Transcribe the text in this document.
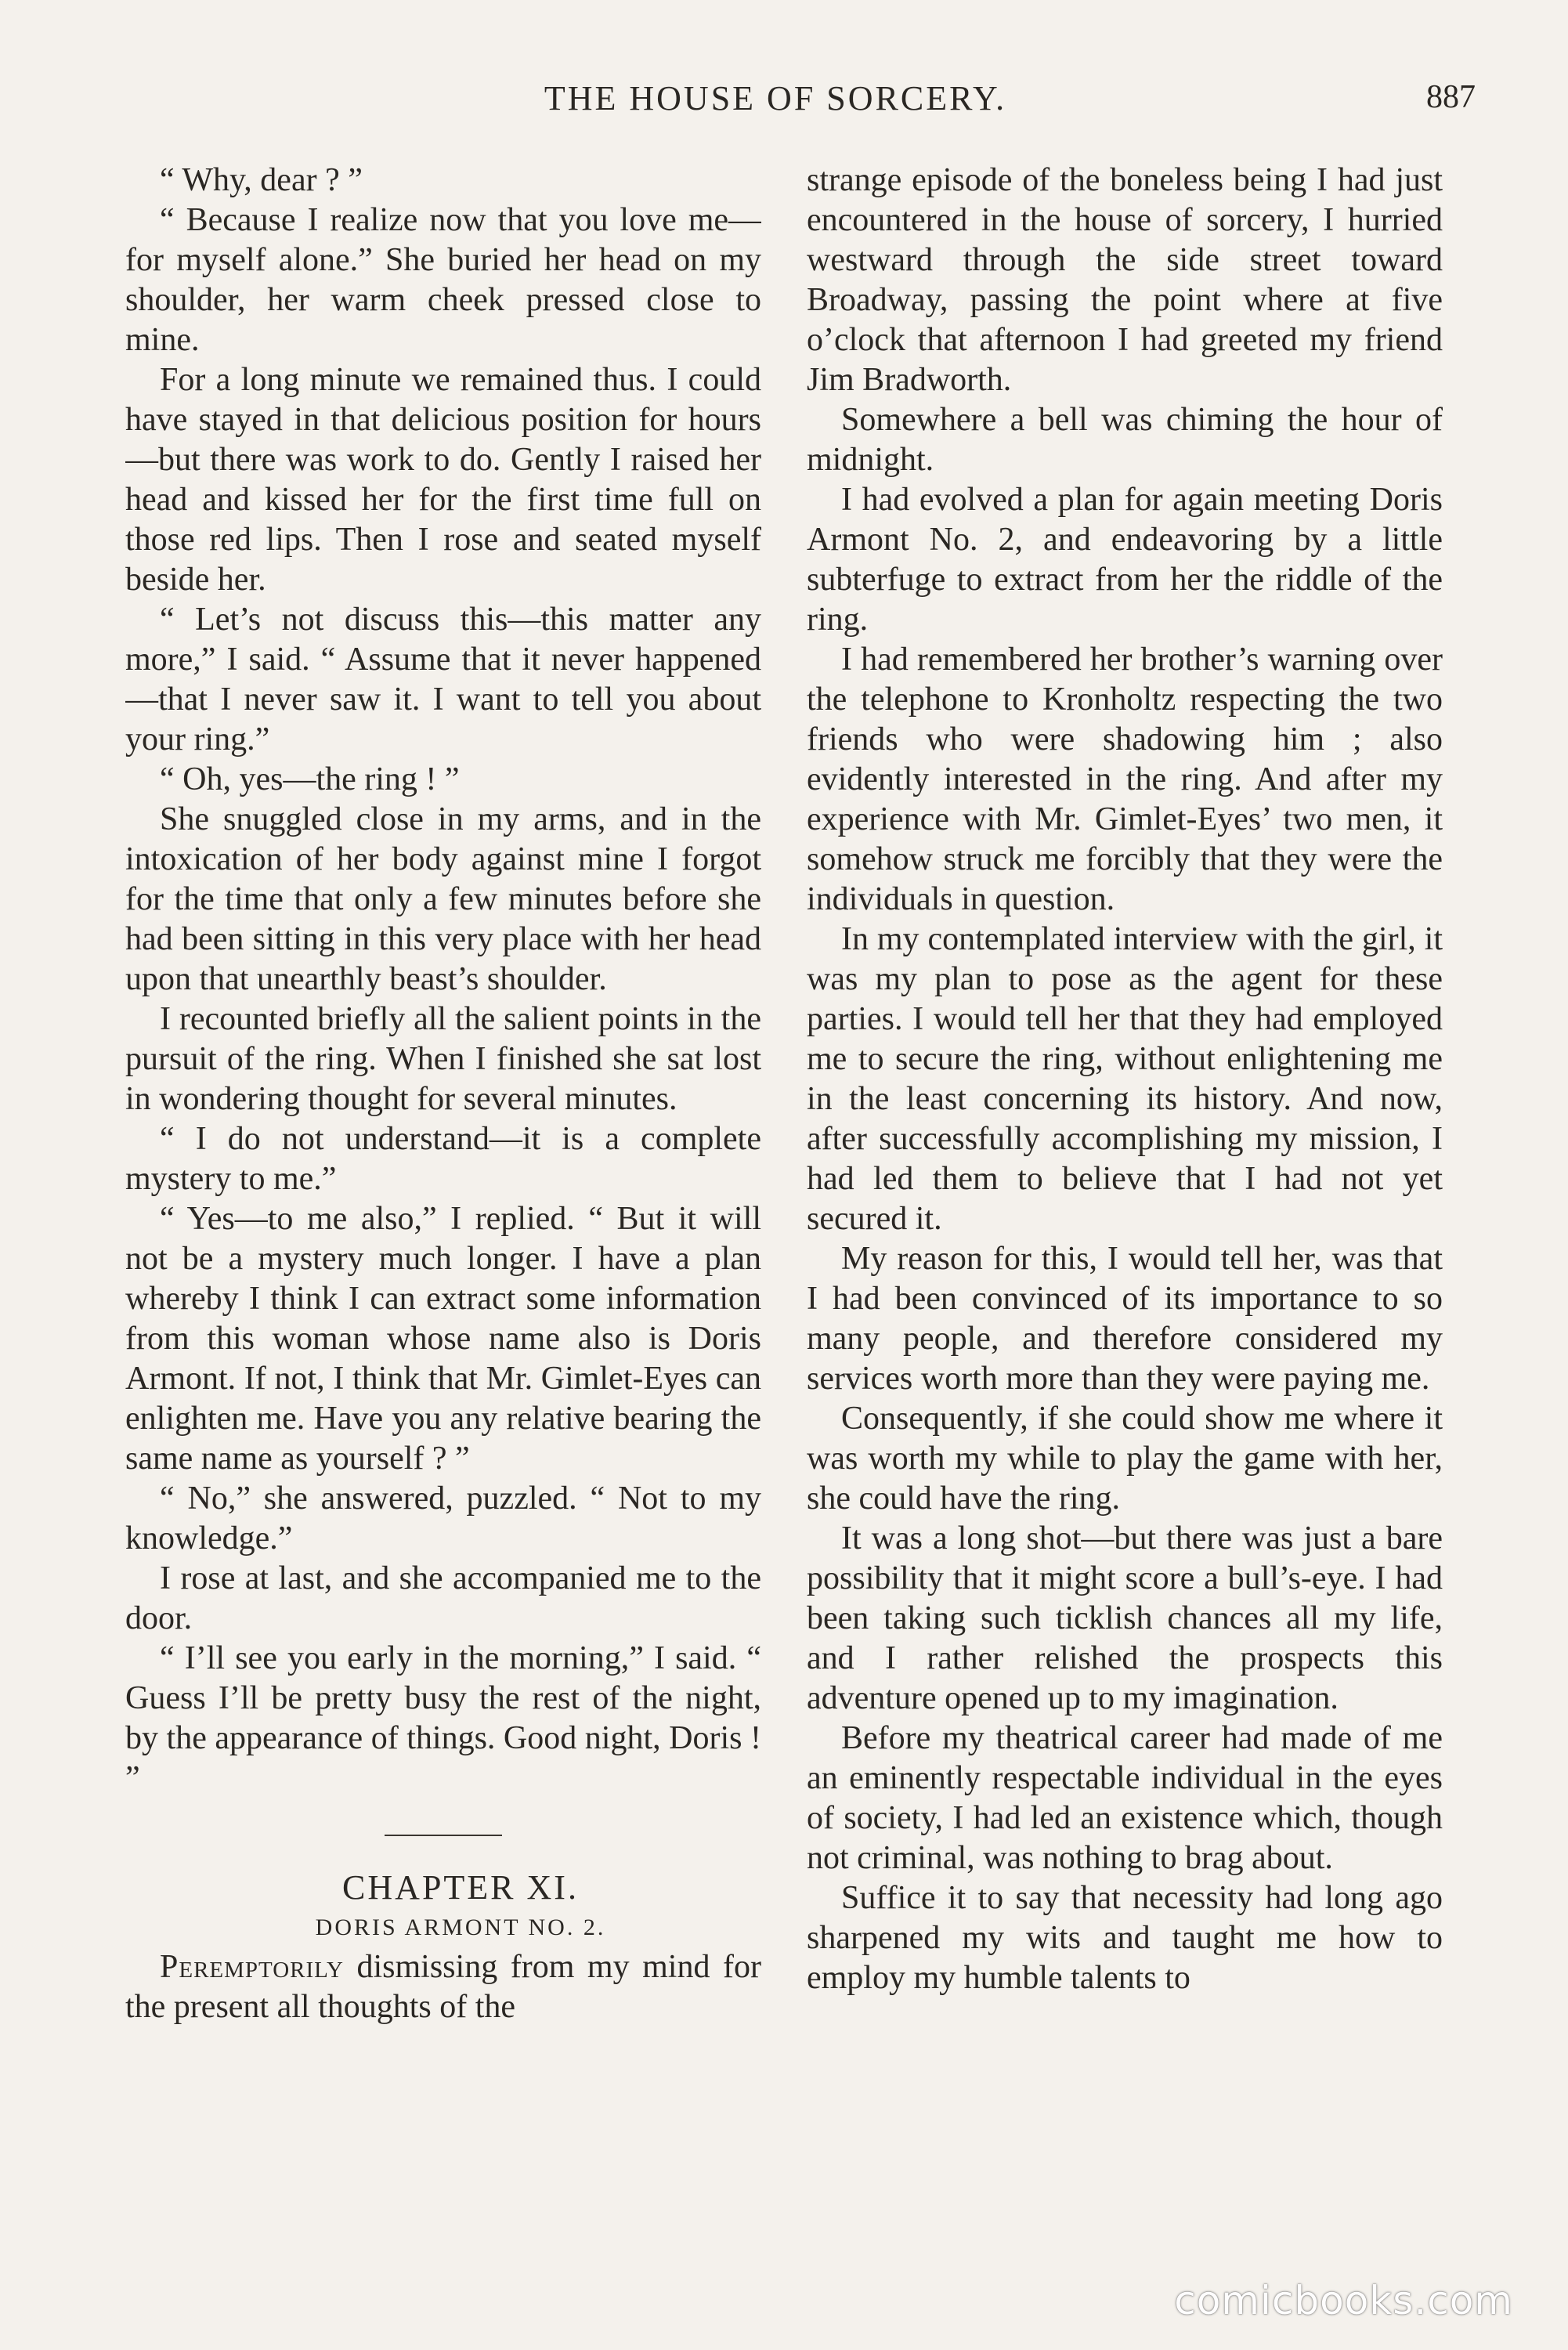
THE HOUSE OF SORCERY.	887

“ Why, dear ? ”

“ Because I realize now that you love me—for myself alone.” She buried her head on my shoulder, her warm cheek pressed close to mine.

For a long minute we remained thus. I could have stayed in that delicious position for hours—but there was work to do. Gently I raised her head and kissed her for the first time full on those red lips. Then I rose and seated myself beside her.

“ Let’s not discuss this—this matter any more,” I said. “ Assume that it never happened—that I never saw it. I want to tell you about your ring.”

“ Oh, yes—the ring ! ”

She snuggled close in my arms, and in the intoxication of her body against mine I forgot for the time that only a few minutes before she had been sitting in this very place with her head upon that unearthly beast’s shoulder.

I recounted briefly all the salient points in the pursuit of the ring. When I finished she sat lost in wondering thought for several minutes.

“ I do not understand—it is a complete mystery to me.”

“ Yes—to me also,” I replied. “ But it will not be a mystery much longer. I have a plan whereby I think I can extract some information from this woman whose name also is Doris Armont. If not, I think that Mr. Gimlet-Eyes can enlighten me. Have you any relative bearing the same name as yourself ? ”

“ No,” she answered, puzzled. “ Not to my knowledge.”

I rose at last, and she accompanied me to the door.

“ I’ll see you early in the morning,” I said. “ Guess I’ll be pretty busy the rest of the night, by the appearance of things. Good night, Doris ! ”

CHAPTER XI.

DORIS ARMONT NO. 2.

Peremptorily dismissing from my mind for the present all thoughts of the

strange episode of the boneless being I had just encountered in the house of sorcery, I hurried westward through the side street toward Broadway, passing the point where at five o’clock that afternoon I had greeted my friend Jim Bradworth.

Somewhere a bell was chiming the hour of midnight.

I had evolved a plan for again meeting Doris Armont No. 2, and endeavoring by a little subterfuge to extract from her the riddle of the ring.

I had remembered her brother’s warning over the telephone to Kronholtz respecting the two friends who were shadowing him ; also evidently interested in the ring. And after my experience with Mr. Gimlet-Eyes’ two men, it somehow struck me forcibly that they were the individuals in question.

In my contemplated interview with the girl, it was my plan to pose as the agent for these parties. I would tell her that they had employed me to secure the ring, without enlightening me in the least concerning its history. And now, after successfully accomplishing my mission, I had led them to believe that I had not yet secured it.

My reason for this, I would tell her, was that I had been convinced of its importance to so many people, and therefore considered my services worth more than they were paying me.

Consequently, if she could show me where it was worth my while to play the game with her, she could have the ring.

It was a long shot—but there was just a bare possibility that it might score a bull’s-eye. I had been taking such ticklish chances all my life, and I rather relished the prospects this adventure opened up to my imagination.

Before my theatrical career had made of me an eminently respectable individual in the eyes of society, I had led an existence which, though not criminal, was nothing to brag about.

Suffice it to say that necessity had long ago sharpened my wits and taught me how to employ my humble talents to

comicbooks.com
